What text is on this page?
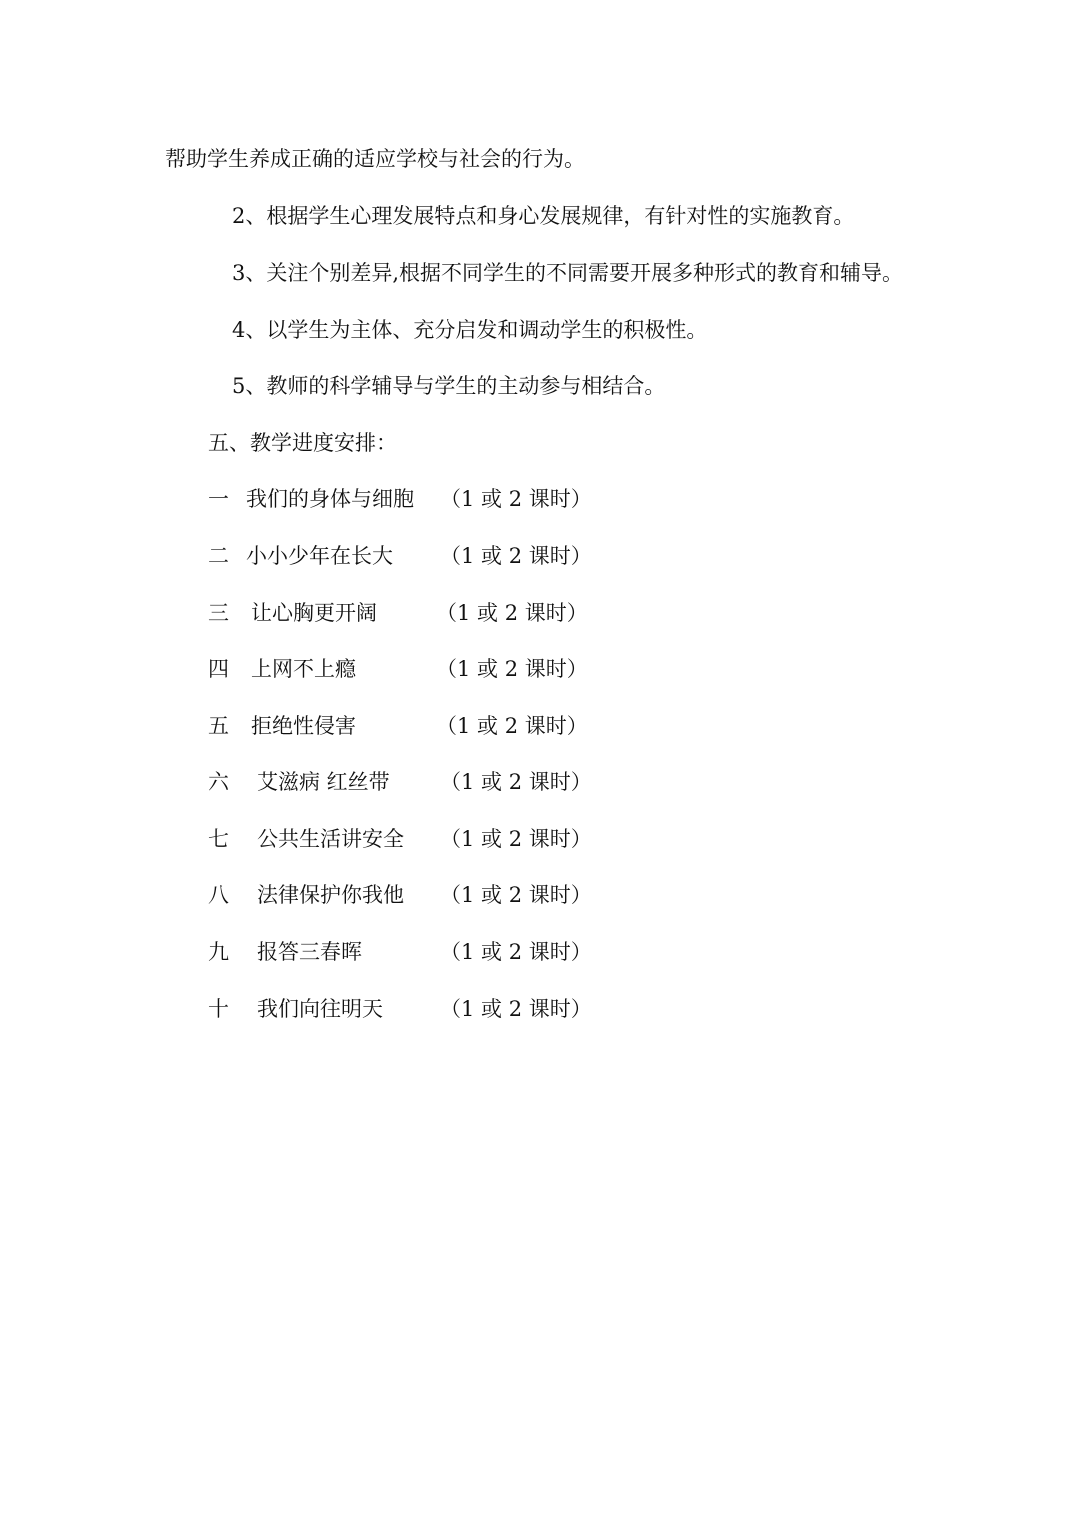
帮助学生养成正确的适应学校与社会的行为。
2、根据学生心理发展特点和身心发展规律，有针对性的实施教育。
3、关注个别差异,根据不同学生的不同需要开展多种形式的教育和辅导。
4、以学生为主体、充分启发和调动学生的积极性。
5、教师的科学辅导与学生的主动参与相结合。
五、教学进度安排：
一 我们的身体与细胞 （1 或 2 课时）
二 小小少年在长大 （1 或 2 课时）
三 让心胸更开阔	（1 或 2 课时）
四 上网不上瘾	（1 或 2 课时）
五 拒绝性侵害	（1 或 2 课时）
六 艾滋病 红丝带 （1 或 2 课时）
七 公共生活讲安全 （1 或 2 课时）
八 法律保护你我他 （1 或 2 课时）
九 报答三春晖	（1 或 2 课时）
十 我们向往明天	（1 或 2 课时）
